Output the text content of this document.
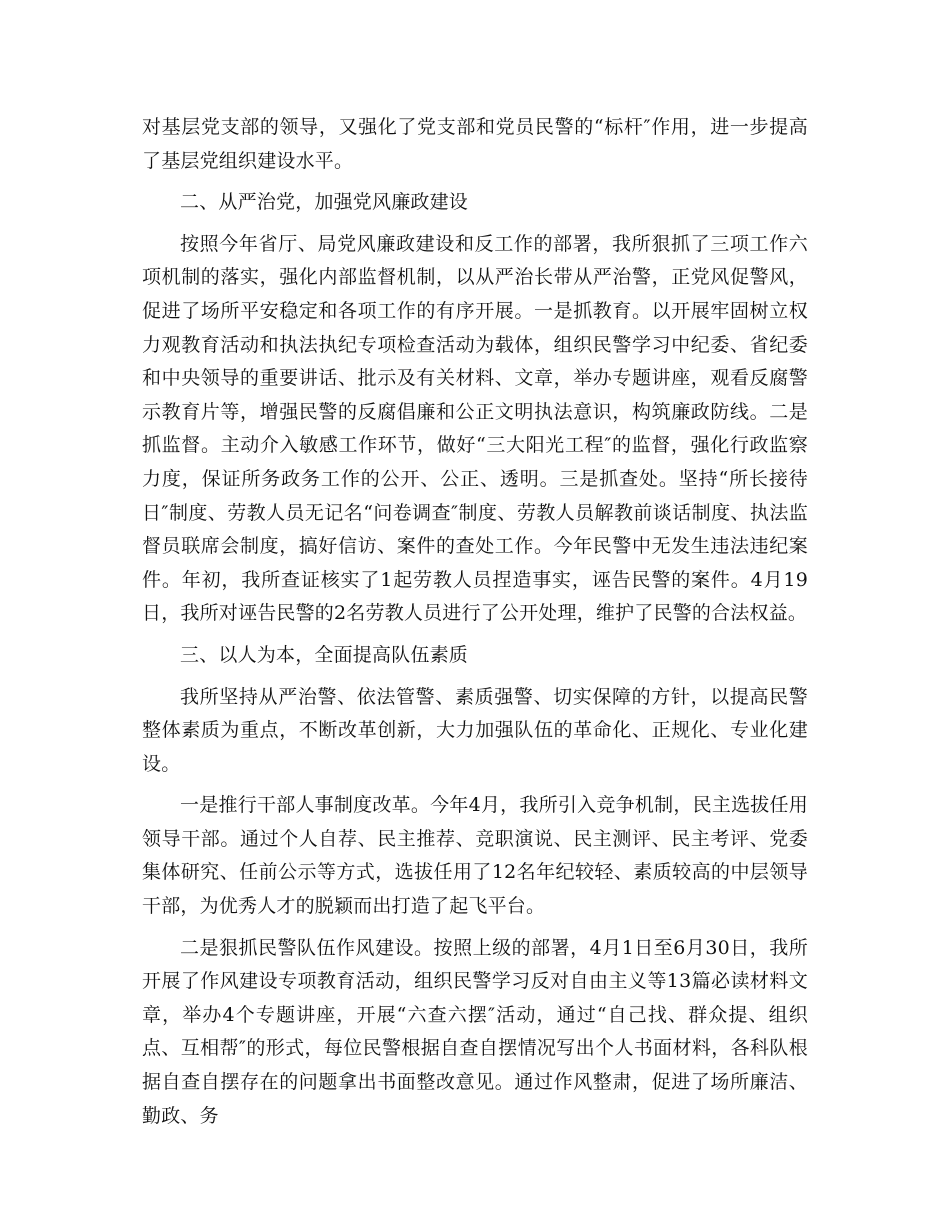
对基层党支部的领导，又强化了党支部和党员民警的“标杆″作用，进一步提高了基层党组织建设水平。

二、从严治党，加强党风廉政建设

按照今年省厅、局党风廉政建设和反工作的部署，我所狠抓了三项工作六项机制的落实，强化内部监督机制，以从严治长带从严治警，正党风促警风，促进了场所平安稳定和各项工作的有序开展。一是抓教育。以开展牢固树立权力观教育活动和执法执纪专项检查活动为载体，组织民警学习中纪委、省纪委和中央领导的重要讲话、批示及有关材料、文章，举办专题讲座，观看反腐警示教育片等，增强民警的反腐倡廉和公正文明执法意识，构筑廉政防线。二是抓监督。主动介入敏感工作环节，做好“三大阳光工程″的监督，强化行政监察力度，保证所务政务工作的公开、公正、透明。三是抓查处。坚持“所长接待日″制度、劳教人员无记名“问卷调查″制度、劳教人员解教前谈话制度、执法监督员联席会制度，搞好信访、案件的查处工作。今年民警中无发生违法违纪案件。年初，我所查证核实了1起劳教人员捏造事实，诬告民警的案件。4月19日，我所对诬告民警的2名劳教人员进行了公开处理，维护了民警的合法权益。

三、以人为本，全面提高队伍素质

我所坚持从严治警、依法管警、素质强警、切实保障的方针，以提高民警整体素质为重点，不断改革创新，大力加强队伍的革命化、正规化、专业化建设。

一是推行干部人事制度改革。今年4月，我所引入竞争机制，民主选拔任用领导干部。通过个人自荐、民主推荐、竞职演说、民主测评、民主考评、党委集体研究、任前公示等方式，选拔任用了12名年纪较轻、素质较高的中层领导干部，为优秀人才的脱颖而出打造了起飞平台。

二是狠抓民警队伍作风建设。按照上级的部署，4月1日至6月30日，我所开展了作风建设专项教育活动，组织民警学习反对自由主义等13篇必读材料文章，举办4个专题讲座，开展“六查六摆″活动，通过“自己找、群众提、组织点、互相帮″的形式，每位民警根据自查自摆情况写出个人书面材料，各科队根据自查自摆存在的问题拿出书面整改意见。通过作风整肃，促进了场所廉洁、勤政、务
